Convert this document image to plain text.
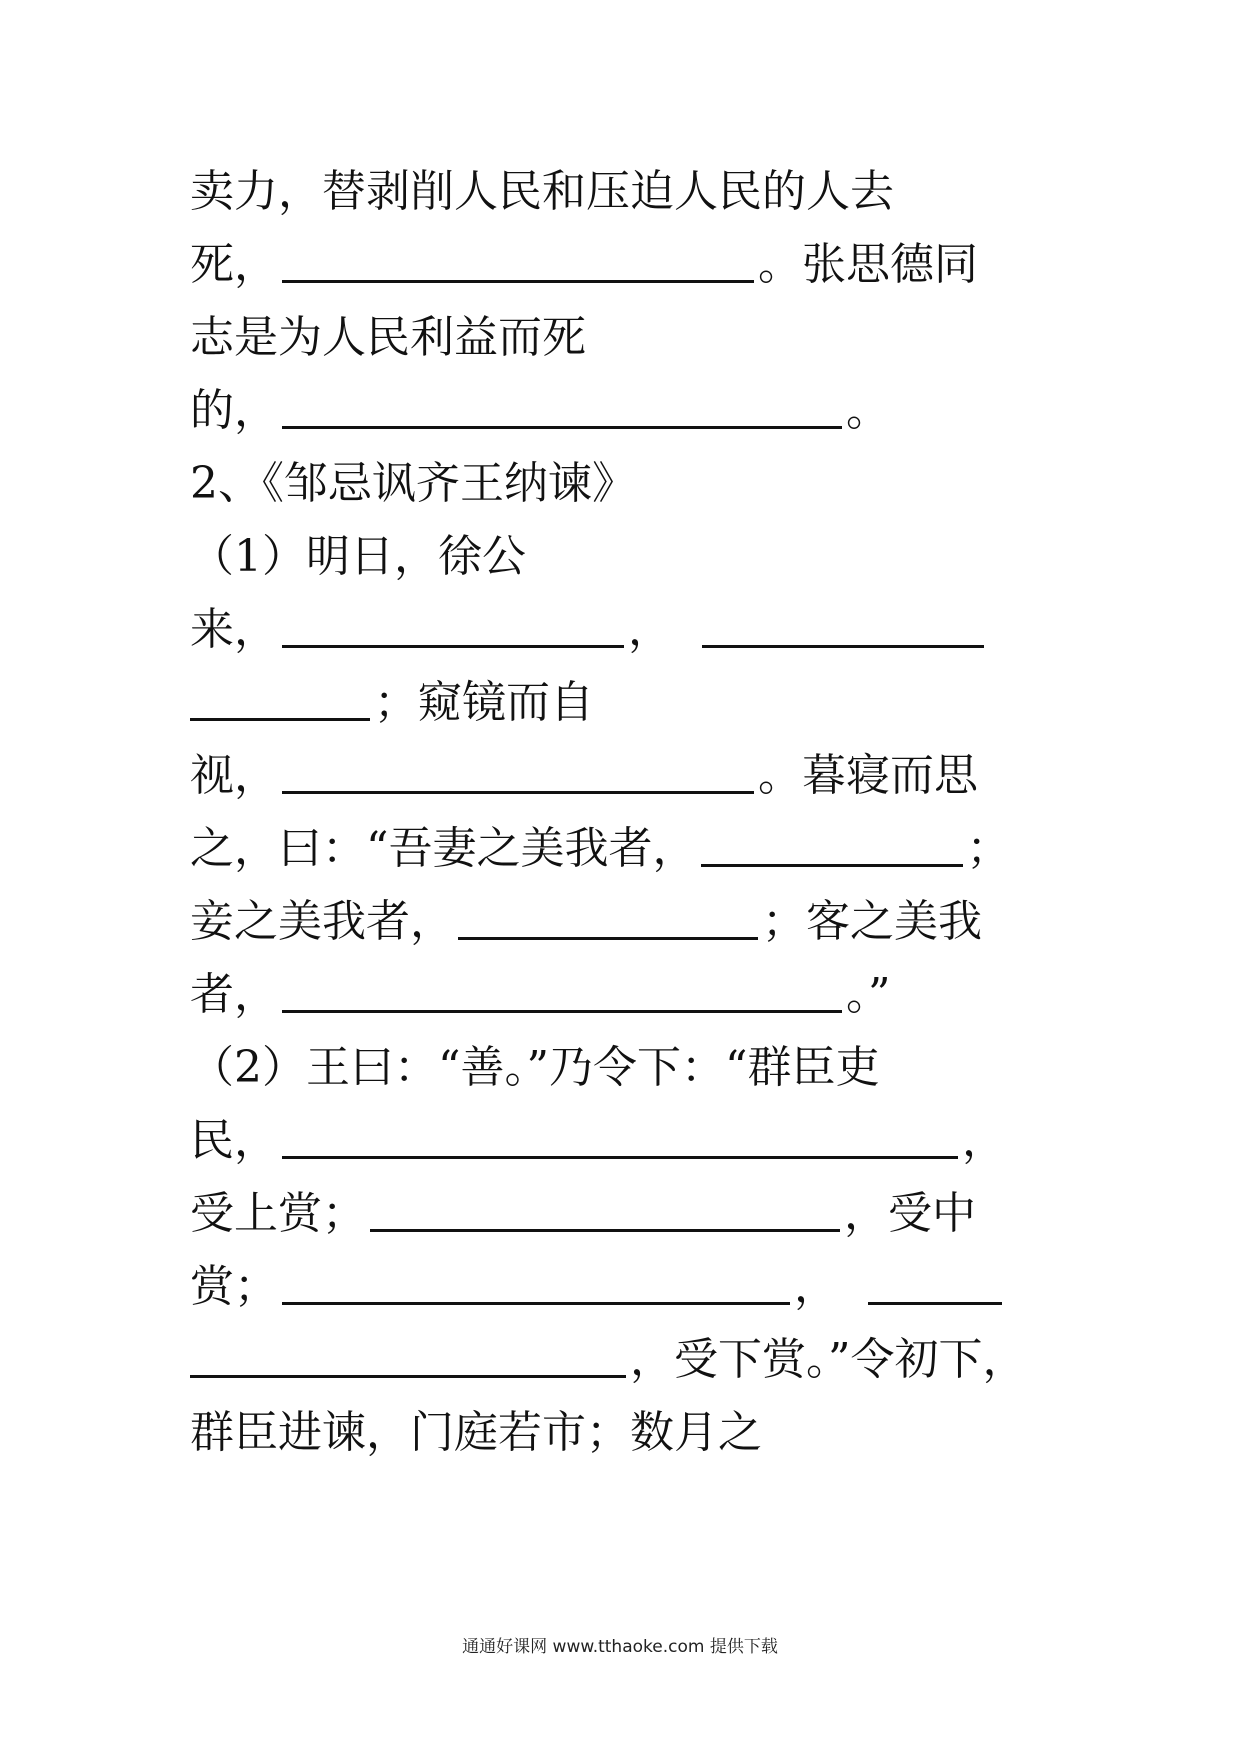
卖力，替剥削人民和压迫人民的人去
死，	。张思德同
志是为人民利益而死
的，	。
2、《邹忌讽齐王纳谏》
（1）明日，徐公
来，	，
；窥镜而自
视，	。暮寝而思
之，曰：“吾妻之美我者，	；
妾之美我者，	；客之美我
者，	。”
（2）王曰：“善。”乃令下：“群臣吏
民，	，
受上赏；	，受中
赏；	，
，受下赏。”令初下，
群臣进谏，门庭若市；数月之
通通好课网 www.tthaoke.com 提供下载
